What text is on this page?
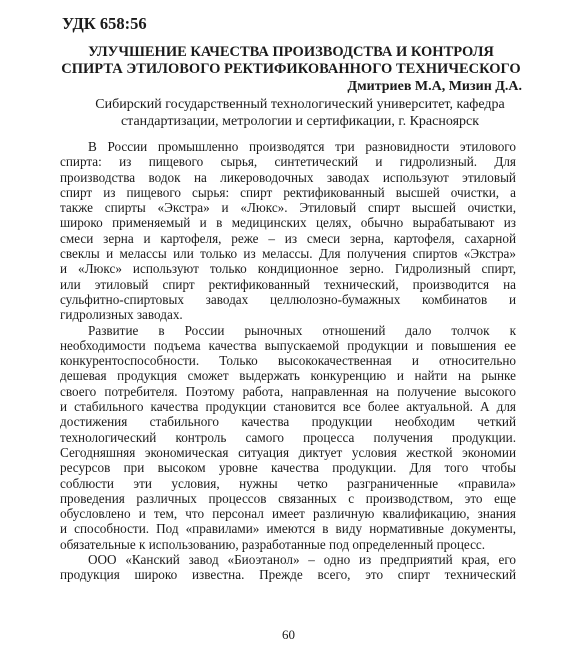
УДК 658:56
УЛУЧШЕНИЕ КАЧЕСТВА ПРОИЗВОДСТВА И КОНТРОЛЯ
СПИРТА ЭТИЛОВОГО РЕКТИФИКОВАННОГО ТЕХНИЧЕСКОГО
Дмитриев М.А, Мизин Д.А.
Сибирский государственный технологический университет, кафедра
стандартизации, метрологии и сертификации, г. Красноярск
В России промышленно производятся три разновидности этилового
спирта: из пищевого сырья, синтетический и гидролизный. Для
производства водок на ликероводочных заводах используют этиловый
спирт из пищевого сырья: спирт ректификованный высшей очистки, а
также спирты «Экстра» и «Люкс». Этиловый спирт высшей очистки,
широко применяемый и в медицинских целях, обычно вырабатывают из
смеси зерна и картофеля, реже – из смеси зерна, картофеля, сахарной
свеклы и мелассы или только из мелассы. Для получения спиртов «Экстра»
и «Люкс» используют только кондиционное зерно. Гидролизный спирт,
или этиловый спирт ректификованный технический, производится на
сульфитно-спиртовых заводах целлюлозно-бумажных комбинатов и
гидролизных заводах.
Развитие в России рыночных отношений дало толчок к
необходимости подъема качества выпускаемой продукции и повышения ее
конкурентоспособности. Только высококачественная и относительно
дешевая продукция сможет выдержать конкуренцию и найти на рынке
своего потребителя. Поэтому работа, направленная на получение высокого
и стабильного качества продукции становится все более актуальной. А для
достижения стабильного качества продукции необходим четкий
технологический контроль самого процесса получения продукции.
Сегодняшняя экономическая ситуация диктует условия жесткой экономии
ресурсов при высоком уровне качества продукции. Для того чтобы
соблюсти эти условия, нужны четко разграниченные «правила»
проведения различных процессов связанных с производством, это еще
обусловлено и тем, что персонал имеет различную квалификацию, знания
и способности. Под «правилами» имеются в виду нормативные документы,
обязательные к использованию, разработанные под определенный процесс.
ООО «Канский завод «Биоэтанол» – одно из предприятий края, его
продукция широко известна. Прежде всего, это спирт технический
60
